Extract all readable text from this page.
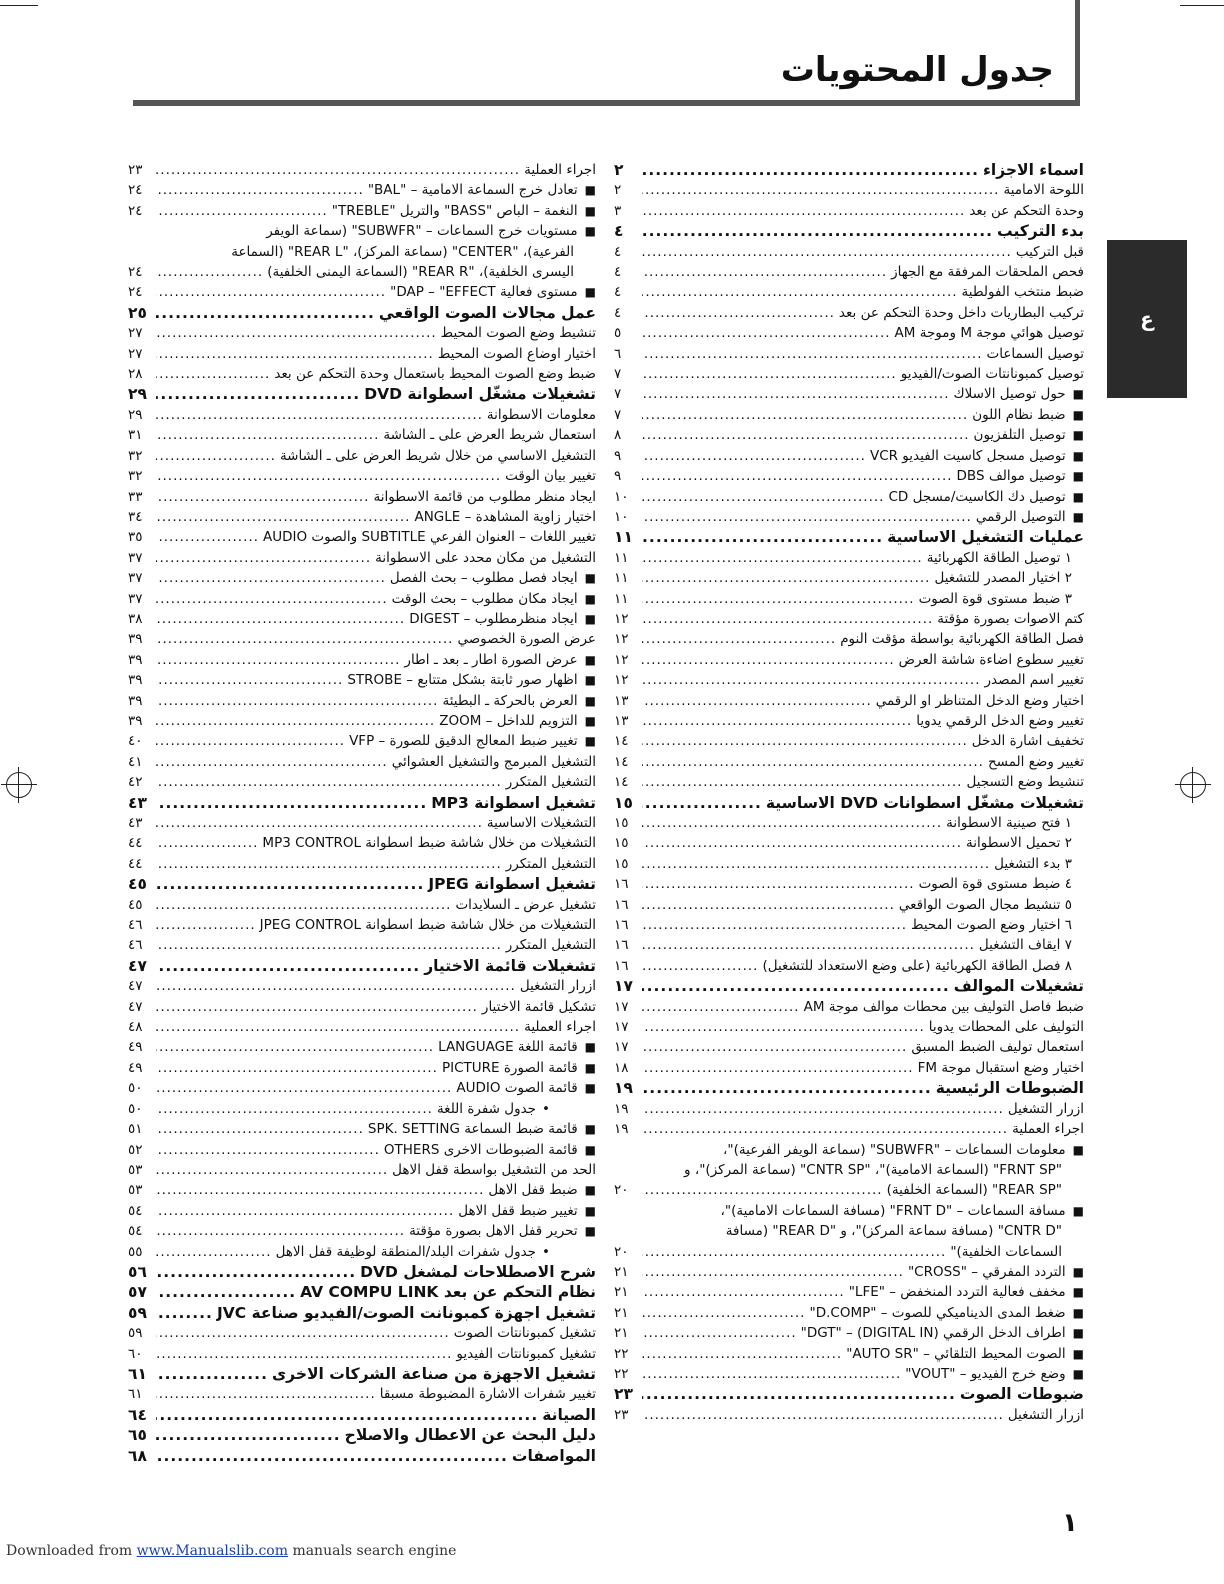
جدول المحتويات
ع
اسماء الاجزاء
.....
٢
اللوحة الامامية
.....
٢
وحدة التحكم عن بعد
.....
٣
بدء التركيب
.....
٤
قبل التركيب
.....
٤
فحص الملحقات المرفقة مع الجهاز
.....
٤
ضبط منتخب الفولطية
.....
٤
تركيب البطاريات داخل وحدة التحكم عن بعد
.....
٤
توصيل هوائي موجة M وموجة AM
.....
٥
توصيل السماعات
.....
٦
توصيل كمبونانتات الصوت/الفيديو
.....
٧
■ حول توصيل الاسلاك
.....
٧
■ ضبط نظام اللون
.....
٧
■ توصيل التلفزيون
.....
٨
■ توصيل مسجل كاسيت الفيديو VCR
.....
٩
■ توصيل موالف DBS
.....
٩
■ توصيل دك الكاسيت/مسجل CD
.....
١٠
■ التوصيل الرقمي
.....
١٠
عمليات التشغيل الاساسية
.....
١١
١ توصيل الطاقة الكهربائية
.....
١١
٢ اختيار المصدر للتشغيل
.....
١١
٣ ضبط مستوى قوة الصوت
.....
١١
كتم الاصوات بصورة مؤقتة
.....
١٢
فصل الطاقة الكهربائية بواسطة مؤقت النوم
.....
١٢
تغيير سطوع اضاءة شاشة العرض
.....
١٢
تغيير اسم المصدر
.....
١٢
اختيار وضع الدخل المتناظر او الرقمي
.....
١٣
تغيير وضع الدخل الرقمي يدويا
.....
١٣
تخفيف اشارة الدخل
.....
١٤
تغيير وضع المسح
.....
١٤
تنشيط وضع التسجيل
.....
١٤
تشغيلات مشغّل اسطوانات DVD الاساسية
.....
١٥
١ فتح صينية الاسطوانة
.....
١٥
٢ تحميل الاسطوانة
.....
١٥
٣ بدء التشغيل
.....
١٥
٤ ضبط مستوى قوة الصوت
.....
١٦
٥ تنشيط مجال الصوت الواقعي
.....
١٦
٦ اختيار وضع الصوت المحيط
.....
١٦
٧ ايقاف التشغيل
.....
١٦
٨ فصل الطاقة الكهربائية (على وضع الاستعداد للتشغيل)
.....
١٦
تشغيلات الموالف
.....
١٧
ضبط فاصل التوليف بين محطات موالف موجة AM
.....
١٧
التوليف على المحطات يدويا
.....
١٧
استعمال توليف الضبط المسبق
.....
١٧
اختيار وضع استقبال موجة FM
.....
١٨
الضبوطات الرئيسية
.....
١٩
ازرار التشغيل
.....
١٩
اجراء العملية
.....
١٩
■ معلومات السماعات – "SUBWFR" (سماعة الويفر الفرعية)"،
"FRNT SP" (السماعة الامامية)"، "CNTR SP" (سماعة المركز)"، و
"REAR SP" (السماعة الخلفية)
.....
٢٠
■ مسافة السماعات – "FRNT D" (مسافة السماعات الامامية)"،
"CNTR D" (مسافة سماعة المركز)"، و "REAR D" (مسافة
السماعات الخلفية)"
.....
٢٠
■ التردد المفرقي – "CROSS"
.....
٢١
■ مخفف فعالية التردد المنخفض – "LFE"
.....
٢١
■ ضغط المدى الديناميكي للصوت – "D.COMP"
.....
٢١
■ اطراف الدخل الرقمي (DIGITAL IN) – "DGT"
.....
٢١
■ الصوت المحيط التلقائي – "AUTO SR"
.....
٢٢
■ وضع خرج الفيديو – "VOUT"
.....
٢٢
ضبوطات الصوت
.....
٢٣
ازرار التشغيل
.....
٢٣
اجراء العملية
.....
٢٣
■ تعادل خرج السماعة الامامية – "BAL"
.....
٢٤
■ النغمة – الباص "BASS" والتريل "TREBLE"
.....
٢٤
■ مستويات خرج السماعات – "SUBWFR" (سماعة الويفر
الفرعية)، "CENTER" (سماعة المركز)، "REAR L" (السماعة
اليسرى الخلفية)، "REAR R" (السماعة اليمنى الخلفية)
.....
٢٤
■ مستوى فعالية DAP – "EFFECT"
.....
٢٤
عمل مجالات الصوت الواقعي
.....
٢٥
تنشيط وضع الصوت المحيط
.....
٢٧
اختيار اوضاع الصوت المحيط
.....
٢٧
ضبط وضع الصوت المحيط باستعمال وحدة التحكم عن بعد
.....
٢٨
تشغيلات مشغّل اسطوانة DVD
.....
٢٩
معلومات الاسطوانة
.....
٢٩
استعمال شريط العرض على ـ الشاشة
.....
٣١
التشغيل الاساسي من خلال شريط العرض على ـ الشاشة
.....
٣٢
تغيير بيان الوقت
.....
٣٢
ايجاد منظر مطلوب من قائمة الاسطوانة
.....
٣٣
اختيار زاوية المشاهدة – ANGLE
.....
٣٤
تغيير اللغات – العنوان الفرعي SUBTITLE والصوت AUDIO
.....
٣٥
التشغيل من مكان محدد على الاسطوانة
.....
٣٧
■ ايجاد فصل مطلوب – بحث الفصل
.....
٣٧
■ ايجاد مكان مطلوب – بحث الوقت
.....
٣٧
■ ايجاد منظرمطلوب – DIGEST
.....
٣٨
عرض الصورة الخصوصي
.....
٣٩
■ عرض الصورة اطار ـ بعد ـ اطار
.....
٣٩
■ اظهار صور ثابتة بشكل متتابع – STROBE
.....
٣٩
■ العرض بالحركة ـ البطيئة
.....
٣٩
■ التزويم للداخل – ZOOM
.....
٣٩
■ تغيير ضبط المعالج الدقيق للصورة – VFP
.....
٤٠
التشغيل المبرمج والتشغيل العشوائي
.....
٤١
التشغيل المتكرر
.....
٤٢
تشغيل اسطوانة MP3
.....
٤٣
التشغيلات الاساسية
.....
٤٣
التشغيلات من خلال شاشة ضبط اسطوانة MP3 CONTROL
.....
٤٤
التشغيل المتكرر
.....
٤٤
تشغيل اسطوانة JPEG
.....
٤٥
تشغيل عرض ـ السلايدات
.....
٤٥
التشغيلات من خلال شاشة ضبط اسطوانة JPEG CONTROL
.....
٤٦
التشغيل المتكرر
.....
٤٦
تشغيلات قائمة الاختيار
.....
٤٧
ازرار التشغيل
.....
٤٧
تشكيل قائمة الاختيار
.....
٤٧
اجراء العملية
.....
٤٨
■ قائمة اللغة LANGUAGE
.....
٤٩
■ قائمة الصورة PICTURE
.....
٤٩
■ قائمة الصوت AUDIO
.....
٥٠
• جدول شفرة اللغة
.....
٥٠
■ قائمة ضبط السماعة SPK. SETTING
.....
٥١
■ قائمة الضبوطات الاخرى OTHERS
.....
٥٢
الحد من التشغيل بواسطة قفل الاهل
.....
٥٣
■ ضبط قفل الاهل
.....
٥٣
■ تغيير ضبط قفل الاهل
.....
٥٤
■ تحرير قفل الاهل بصورة مؤقتة
.....
٥٤
• جدول شفرات البلد/المنطقة لوظيفة قفل الاهل
.....
٥٥
شرح الاصطلاحات لمشغل DVD
.....
٥٦
نظام التحكم عن بعد AV COMPU LINK
.....
٥٧
تشغيل اجهزة كمبونانت الصوت/الفيديو صناعة JVC
.....
٥٩
تشغيل كمبونانتات الصوت
.....
٥٩
تشغيل كمبونانتات الفيديو
.....
٦٠
تشغيل الاجهزة من صناعة الشركات الاخرى
.....
٦١
تغيير شفرات الاشارة المضبوطة مسبقا
.....
٦١
الصيانة
.....
٦٤
دليل البحث عن الاعطال والاصلاح
.....
٦٥
المواصفات
.....
٦٨
١
Downloaded from www.Manualslib.com manuals search engine
